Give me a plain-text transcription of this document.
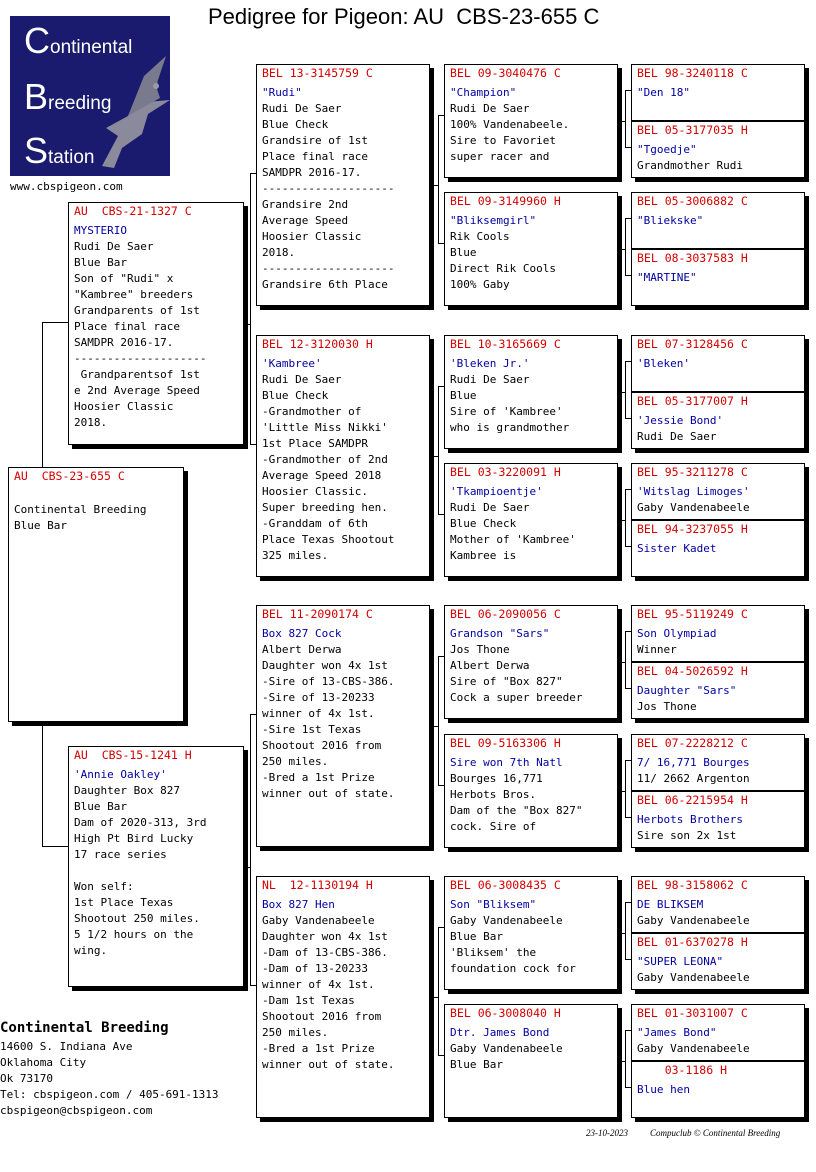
Pedigree for Pigeon: AU  CBS-23-655 C
Continental
Breeding
Station
www.cbspigeon.com
AU  CBS-23-655 C
Continental Breeding
Blue Bar
AU  CBS-21-1327 C
MYSTERIO
Rudi De Saer
Blue Bar
Son of "Rudi" x
"Kambree" breeders
Grandparents of 1st
Place final race
SAMDPR 2016-17.
--------------------
Grandparentsof 1st
e 2nd Average Speed
Hoosier Classic
2018.
AU  CBS-15-1241 H
'Annie Oakley'
Daughter Box 827
Blue Bar
Dam of 2020-313, 3rd
High Pt Bird Lucky
17 race series

Won self:
1st Place Texas
Shootout 250 miles.
5 1/2 hours on the
wing.
BEL 13-3145759 C
"Rudi"
Rudi De Saer
Blue Check
Grandsire of 1st
Place final race
SAMDPR 2016-17.
--------------------
Grandsire 2nd
Average Speed
Hoosier Classic
2018.
--------------------
Grandsire 6th Place
BEL 12-3120030 H
'Kambree'
Rudi De Saer
Blue Check
-Grandmother of
'Little Miss Nikki'
1st Place SAMDPR
-Grandmother of 2nd
Average Speed 2018
Hoosier Classic.
Super breeding hen.
-Granddam of 6th
Place Texas Shootout
325 miles.
BEL 11-2090174 C
Box 827 Cock
Albert Derwa
Daughter won 4x 1st
-Sire of 13-CBS-386.
-Sire of 13-20233
winner of 4x 1st.
-Sire 1st Texas
Shootout 2016 from
250 miles.
-Bred a 1st Prize
winner out of state.
NL  12-1130194 H
Box 827 Hen
Gaby Vandenabeele
Daughter won 4x 1st
-Dam of 13-CBS-386.
-Dam of 13-20233
winner of 4x 1st.
-Dam 1st Texas
Shootout 2016 from
250 miles.
-Bred a 1st Prize
winner out of state.
BEL 09-3040476 C
"Champion"
Rudi De Saer
100% Vandenabeele.
Sire to Favoriet
super racer and
BEL 09-3149960 H
"Bliksemgirl"
Rik Cools
Blue
Direct Rik Cools
100% Gaby
BEL 10-3165669 C
'Bleken Jr.'
Rudi De Saer
Blue
Sire of 'Kambree'
who is grandmother
BEL 03-3220091 H
'Tkampioentje'
Rudi De Saer
Blue Check
Mother of 'Kambree'
Kambree is
BEL 06-2090056 C
Grandson "Sars"
Jos Thone
Albert Derwa
Sire of "Box 827"
Cock a super breeder
BEL 09-5163306 H
Sire won 7th Natl
Bourges 16,771
Herbots Bros.
Dam of the "Box 827"
cock. Sire of
BEL 06-3008435 C
Son "Bliksem"
Gaby Vandenabeele
Blue Bar
'Bliksem' the
foundation cock for
BEL 06-3008040 H
Dtr. James Bond
Gaby Vandenabeele
Blue Bar
BEL 98-3240118 C
"Den 18"
BEL 05-3177035 H
"Tgoedje"
Grandmother Rudi
BEL 05-3006882 C
"Bliekske"
BEL 08-3037583 H
"MARTINE"
BEL 07-3128456 C
'Bleken'
BEL 05-3177007 H
'Jessie Bond'
Rudi De Saer
BEL 95-3211278 C
'Witslag Limoges'
Gaby Vandenabeele
BEL 94-3237055 H
Sister Kadet
BEL 95-5119249 C
Son Olympiad
Winner
BEL 04-5026592 H
Daughter "Sars"
Jos Thone
BEL 07-2228212 C
7/ 16,771 Bourges
11/ 2662 Argenton
BEL 06-2215954 H
Herbots Brothers
Sire son 2x 1st
BEL 98-3158062 C
DE BLIKSEM
Gaby Vandenabeele
BEL 01-6370278 H
"SUPER LEONA"
Gaby Vandenabeele
BEL 01-3031007 C
"James Bond"
Gaby Vandenabeele
03-1186 H
Blue hen
Continental Breeding
14600 S. Indiana Ave
Oklahoma City
Ok 73170
Tel: cbspigeon.com / 405-691-1313
cbspigeon@cbspigeon.com
23-10-2023 Compuclub © Continental Breeding
